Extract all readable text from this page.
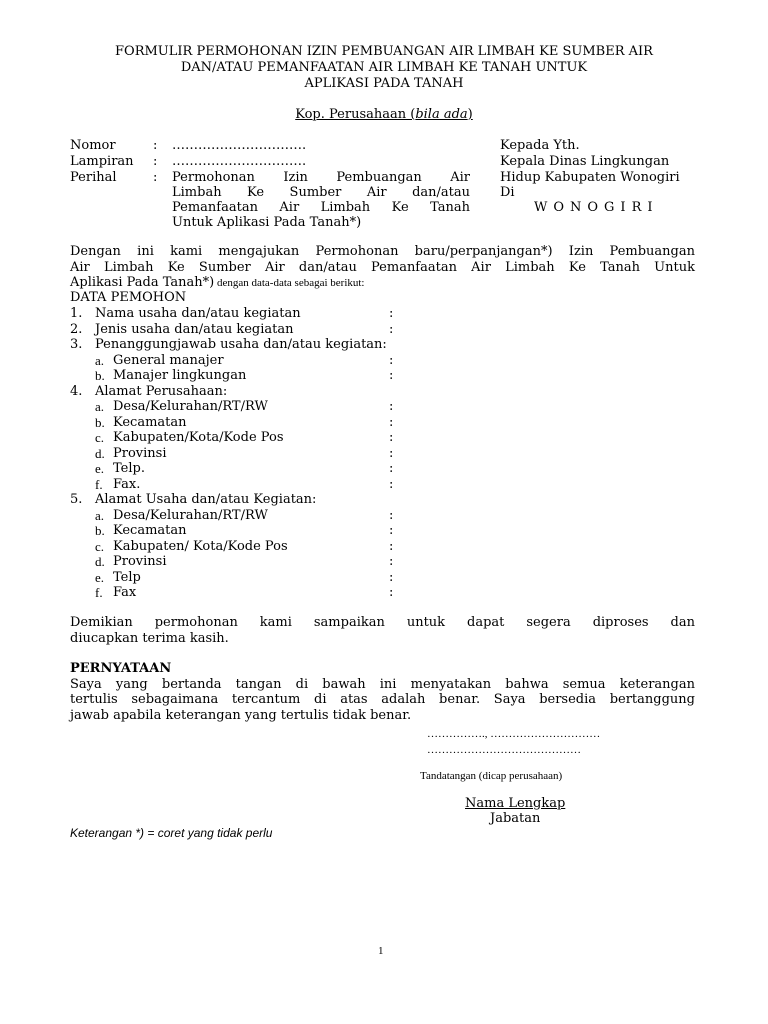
FORMULIR PERMOHONAN IZIN PEMBUANGAN AIR LIMBAH KE SUMBER AIR
DAN/ATAU PEMANFAATAN AIR LIMBAH KE TANAH UNTUK
APLIKASI PADA TANAH
Kop. Perusahaan (bila ada)
Nomor	: ………………………….
Lampiran : ………………………….
Perihal	: Permohonan Izin Pembuangan Air
Limbah Ke Sumber Air dan/atau
Pemanfaatan Air Limbah Ke Tanah
Untuk Aplikasi Pada Tanah*)
Kepada Yth.
Kepala Dinas Lingkungan
Hidup Kabupaten Wonogiri
Di
WONOGIRI
Dengan ini kami mengajukan Permohonan baru/perpanjangan*) Izin Pembuangan
Air Limbah Ke Sumber Air dan/atau Pemanfaatan Air Limbah Ke Tanah Untuk
Aplikasi Pada Tanah*) dengan data-data sebagai berikut:
DATA PEMOHON
1. Nama usaha dan/atau kegiatan	:
2. Jenis usaha dan/atau kegiatan	:
3. Penanggungjawab usaha dan/atau kegiatan:
a. General manajer	:
b. Manajer lingkungan	:
4. Alamat Perusahaan:
a. Desa/Kelurahan/RT/RW	:
b. Kecamatan	:
c. Kabupaten/Kota/Kode Pos	:
d. Provinsi	:
e. Telp.	:
f. Fax.	:
5. Alamat Usaha dan/atau Kegiatan:
a. Desa/Kelurahan/RT/RW	:
b. Kecamatan	:
c. Kabupaten/ Kota/Kode Pos	:
d. Provinsi	:
e. Telp	:
f. Fax	:
Demikian permohonan kami sampaikan untuk dapat segera diproses dan
diucapkan terima kasih.
PERNYATAAN
Saya yang bertanda tangan di bawah ini menyatakan bahwa semua keterangan
tertulis sebagaimana tercantum di atas adalah benar. Saya bersedia bertanggung
jawab apabila keterangan yang tertulis tidak benar.
……………., …………………………
……………………………………
Tandatangan (dicap perusahaan)
Nama Lengkap
Jabatan
Keterangan *) = coret yang tidak perlu
1
